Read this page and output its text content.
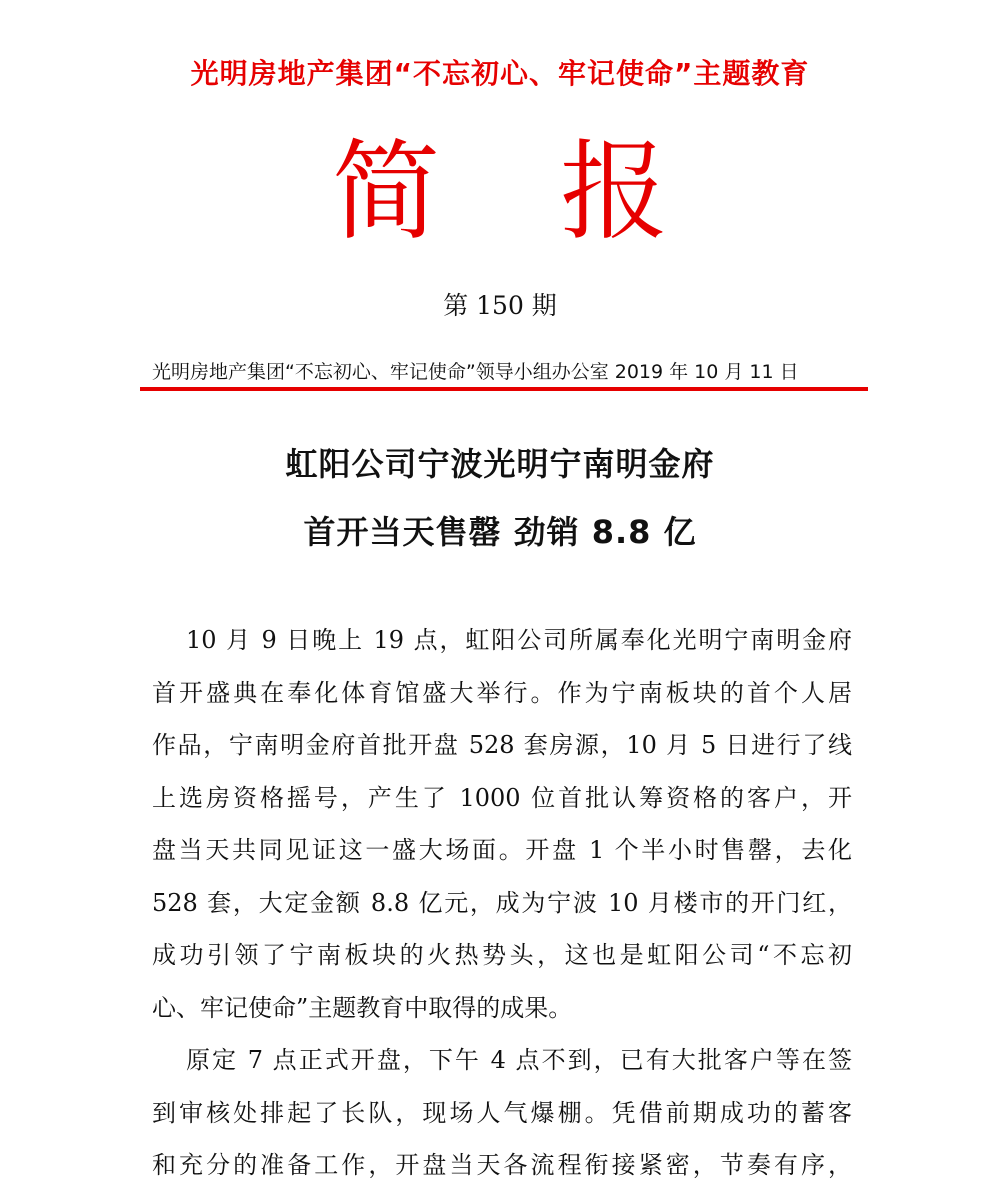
光明房地产集团“不忘初心、牢记使命”主题教育
简报
第 150 期
光明房地产集团“不忘初心、牢记使命”领导小组办公室 2019 年 10 月 11 日
虹阳公司宁波光明宁南明金府
首开当天售罄 劲销 8.8 亿
10 月 9 日晚上 19 点，虹阳公司所属奉化光明宁南明金府
首开盛典在奉化体育馆盛大举行。作为宁南板块的首个人居
作品，宁南明金府首批开盘 528 套房源，10 月 5 日进行了线
上选房资格摇号，产生了 1000 位首批认筹资格的客户，开
盘当天共同见证这一盛大场面。开盘 1 个半小时售罄，去化
528 套，大定金额 8.8 亿元，成为宁波 10 月楼市的开门红，
成功引领了宁南板块的火热势头，这也是虹阳公司“不忘初
心、牢记使命”主题教育中取得的成果。
原定 7 点正式开盘，下午 4 点不到，已有大批客户等在签
到审核处排起了长队，现场人气爆棚。凭借前期成功的蓄客
和充分的准备工作，开盘当天各流程衔接紧密，节奏有序，
